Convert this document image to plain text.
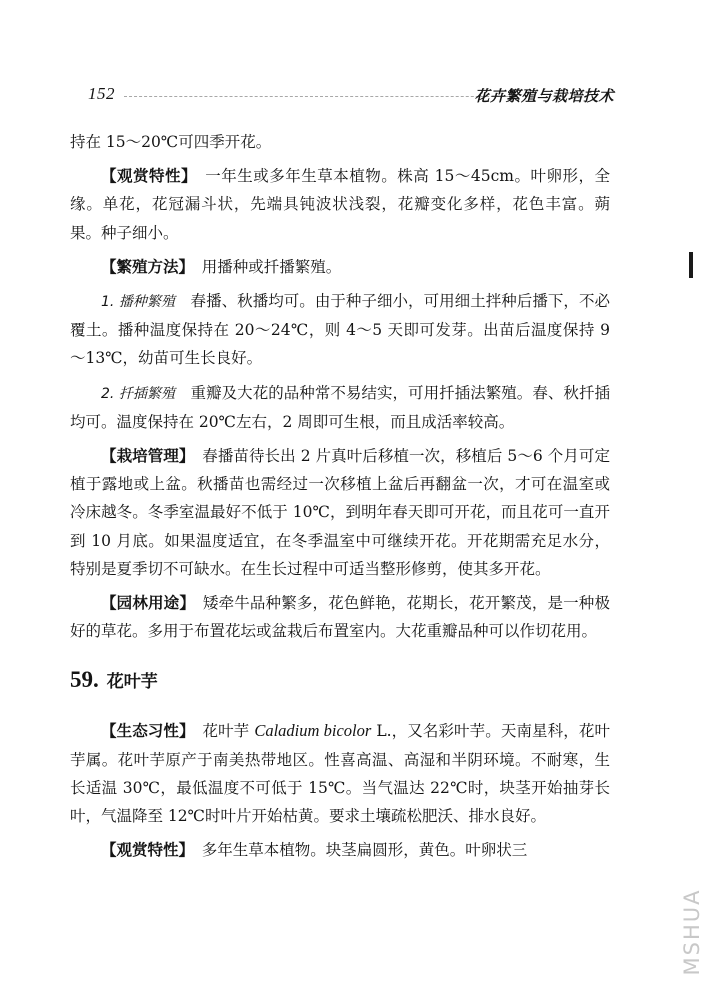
152	花卉繁殖与栽培技术

持在 15～20℃可四季开花。

【观赏特性】　 一年生或多年生草本植物。株高 15～45cm。叶卵形，全缘。单花，花冠漏斗状，先端具钝波状浅裂，花瓣变化多样，花色丰富。蒴果。种子细小。

【繁殖方法】　 用播种或扦播繁殖。

1. 播种繁殖　 春播、秋播均可。由于种子细小，可用细土拌种后播下，不必覆土。播种温度保持在 20～24℃，则 4～5 天即可发芽。出苗后温度保持 9～13℃，幼苗可生长良好。

2. 扦插繁殖　 重瓣及大花的品种常不易结实，可用扦插法繁殖。春、秋扦插均可。温度保持在 20℃左右，2 周即可生根，而且成活率较高。

【栽培管理】　 春播苗待长出 2 片真叶后移植一次，移植后 5～6 个月可定植于露地或上盆。秋播苗也需经过一次移植上盆后再翻盆一次，才可在温室或冷床越冬。冬季室温最好不低于 10℃，到明年春天即可开花，而且花可一直开到 10 月底。如果温度适宜，在冬季温室中可继续开花。开花期需充足水分，特别是夏季切不可缺水。在生长过程中可适当整形修剪，使其多开花。

【园林用途】　 矮牵牛品种繁多，花色鲜艳，花期长，花开繁茂，是一种极好的草花。多用于布置花坛或盆栽后布置室内。大花重瓣品种可以作切花用。

59. 花叶芋

【生态习性】　 花叶芋 Caladium bicolor L.，又名彩叶芋。天南星科，花叶芋属。花叶芋原产于南美热带地区。性喜高温、高湿和半阴环境。不耐寒，生长适温 30℃，最低温度不可低于 15℃。当气温达 22℃时，块茎开始抽芽长叶，气温降至 12℃时叶片开始枯黄。要求土壤疏松肥沃、排水良好。

【观赏特性】　 多年生草本植物。块茎扁圆形，黄色。叶卵状三

MSHUA
